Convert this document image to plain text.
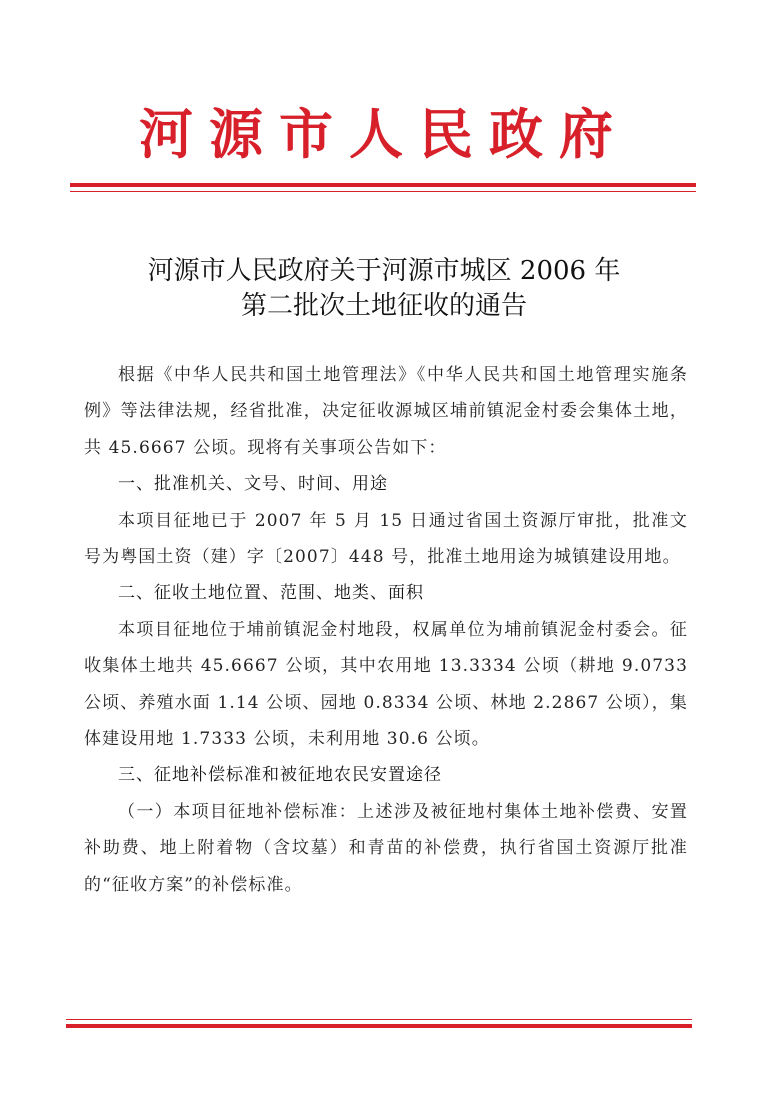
河源市人民政府
河源市人民政府关于河源市城区 2006 年
第二批次土地征收的通告

根据《中华人民共和国土地管理法》《中华人民共和国土地管理实施条例》等法律法规，经省批准，决定征收源城区埔前镇泥金村委会集体土地，共 45.6667 公顷。现将有关事项公告如下：

一、批准机关、文号、时间、用途

本项目征地已于 2007 年 5 月 15 日通过省国土资源厅审批，批准文号为粤国土资（建）字〔2007〕448 号，批准土地用途为城镇建设用地。

二、征收土地位置、范围、地类、面积

本项目征地位于埔前镇泥金村地段，权属单位为埔前镇泥金村委会。征收集体土地共 45.6667 公顷，其中农用地 13.3334 公顷（耕地 9.0733 公顷、养殖水面 1.14 公顷、园地 0.8334 公顷、林地 2.2867 公顷），集体建设用地 1.7333 公顷，未利用地 30.6 公顷。

三、征地补偿标准和被征地农民安置途径

（一）本项目征地补偿标准：上述涉及被征地村集体土地补偿费、安置补助费、地上附着物（含坟墓）和青苗的补偿费，执行省国土资源厅批准的“征收方案”的补偿标准。
